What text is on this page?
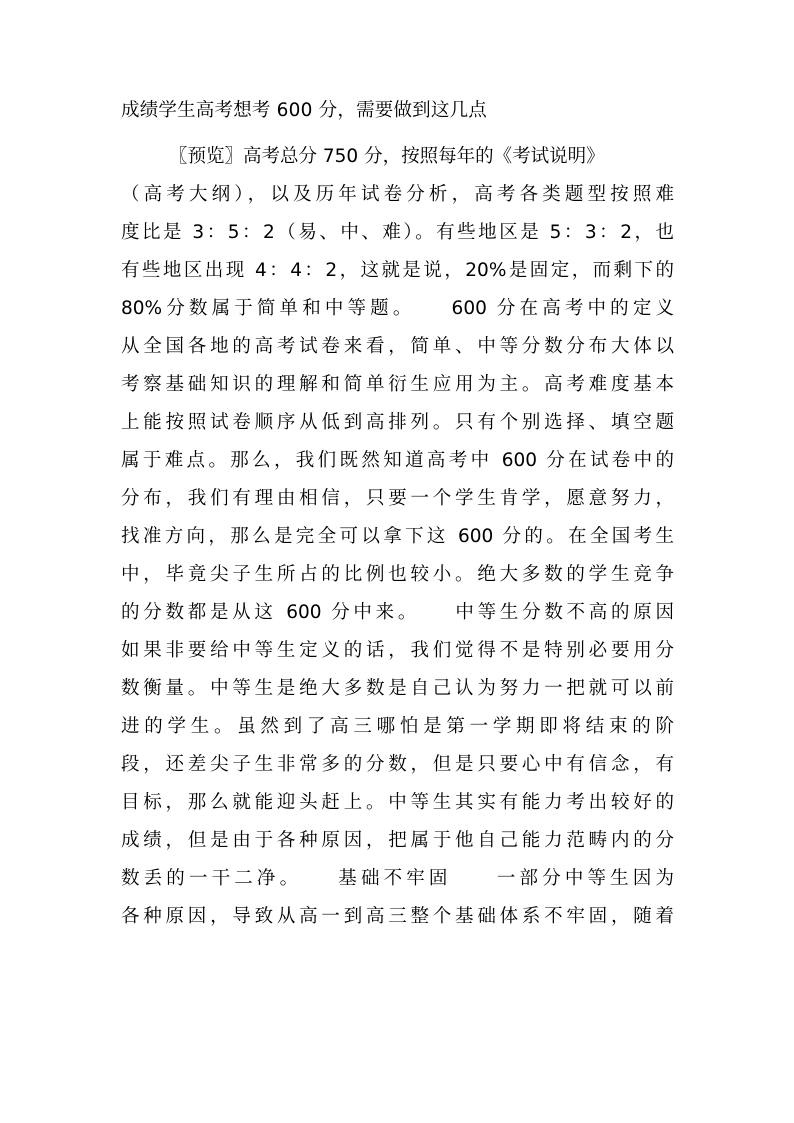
成绩学生高考想考 600 分，需要做到这几点
〖预览〗高考总分 750 分，按照每年的《考试说明》
（高考大纲），以及历年试卷分析，高考各类题型按照难
度比是 3：5：2（易、中、难）。有些地区是 5：3：2，也
有些地区出现 4：4：2，这就是说，20%是固定，而剩下的
80%分数属于简单和中等题。　　600 分在高考中的定义
从全国各地的高考试卷来看，简单、中等分数分布大体以
考察基础知识的理解和简单衍生应用为主。高考难度基本
上能按照试卷顺序从低到高排列。只有个别选择、填空题
属于难点。那么，我们既然知道高考中 600 分在试卷中的
分布，我们有理由相信，只要一个学生肯学，愿意努力，
找准方向，那么是完全可以拿下这 600 分的。在全国考生
中，毕竟尖子生所占的比例也较小。绝大多数的学生竞争
的分数都是从这 600 分中来。　　中等生分数不高的原因
如果非要给中等生定义的话，我们觉得不是特别必要用分
数衡量。中等生是绝大多数是自己认为努力一把就可以前
进的学生。虽然到了高三哪怕是第一学期即将结束的阶
段，还差尖子生非常多的分数，但是只要心中有信念，有
目标，那么就能迎头赶上。中等生其实有能力考出较好的
成绩，但是由于各种原因，把属于他自己能力范畴内的分
数丢的一干二净。　　基础不牢固　　一部分中等生因为
各种原因，导致从高一到高三整个基础体系不牢固，随着
